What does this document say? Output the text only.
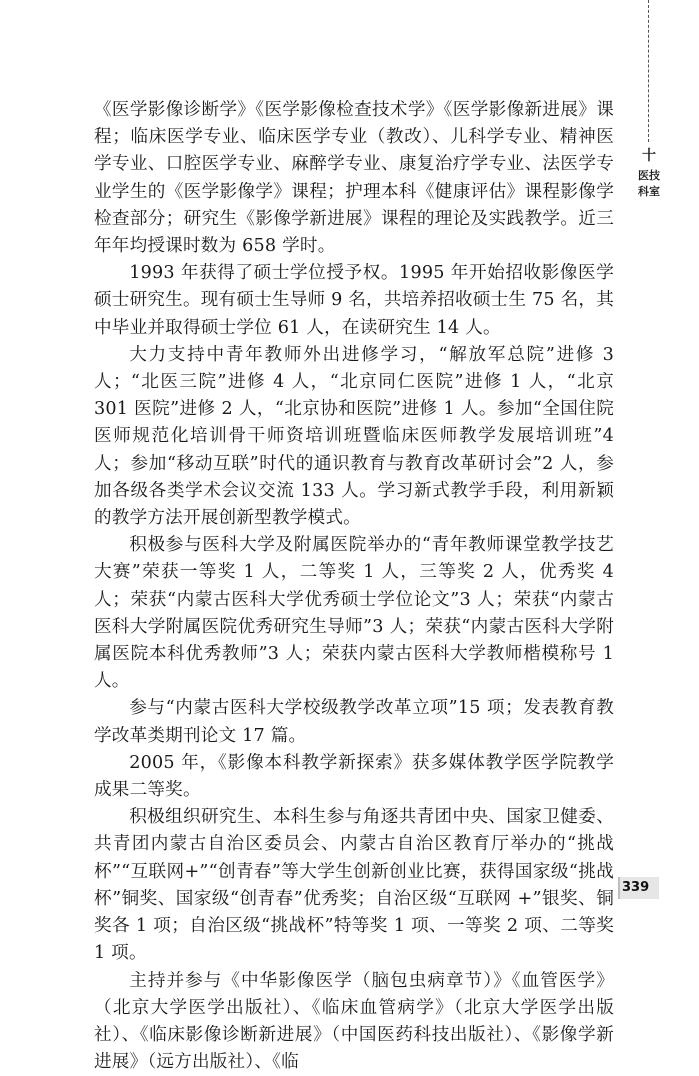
《医学影像诊断学》《医学影像检查技术学》《医学影像新进展》课程；临床医学专业、临床医学专业（教改）、儿科学专业、精神医学专业、口腔医学专业、麻醉学专业、康复治疗学专业、法医学专业学生的《医学影像学》课程；护理本科《健康评估》课程影像学检查部分；研究生《影像学新进展》课程的理论及实践教学。近三年年均授课时数为 658 学时。

1993 年获得了硕士学位授予权。1995 年开始招收影像医学硕士研究生。现有硕士生导师 9 名，共培养招收硕士生 75 名，其中毕业并取得硕士学位 61 人，在读研究生 14 人。

大力支持中青年教师外出进修学习，“解放军总院”进修 3 人；“北医三院”进修 4 人，“北京同仁医院”进修 1 人，“北京 301 医院”进修 2 人，“北京协和医院”进修 1 人。参加“全国住院医师规范化培训骨干师资培训班暨临床医师教学发展培训班”4 人；参加“移动互联”时代的通识教育与教育改革研讨会”2 人，参加各级各类学术会议交流 133 人。学习新式教学手段，利用新颖的教学方法开展创新型教学模式。

积极参与医科大学及附属医院举办的“青年教师课堂教学技艺大赛”荣获一等奖 1 人，二等奖 1 人，三等奖 2 人，优秀奖 4 人；荣获“内蒙古医科大学优秀硕士学位论文”3 人；荣获“内蒙古医科大学附属医院优秀研究生导师”3 人；荣获“内蒙古医科大学附属医院本科优秀教师”3 人；荣获内蒙古医科大学教师楷模称号 1 人。

参与“内蒙古医科大学校级教学改革立项”15 项；发表教育教学改革类期刊论文 17 篇。

2005 年，《影像本科教学新探索》获多媒体教学医学院教学成果二等奖。

积极组织研究生、本科生参与角逐共青团中央、国家卫健委、共青团内蒙古自治区委员会、内蒙古自治区教育厅举办的“挑战杯”“互联网+”“创青春”等大学生创新创业比赛，获得国家级“挑战杯”铜奖、国家级“创青春”优秀奖；自治区级“互联网 +”银奖、铜奖各 1 项；自治区级“挑战杯”特等奖 1 项、一等奖 2 项、二等奖 1 项。

主持并参与《中华影像医学（脑包虫病章节）》《血管医学》（北京大学医学出版社）、《临床血管病学》（北京大学医学出版社）、《临床影像诊断新进展》（中国医药科技出版社）、《影像学新进展》（远方出版社）、《临

十
医技科室
339
